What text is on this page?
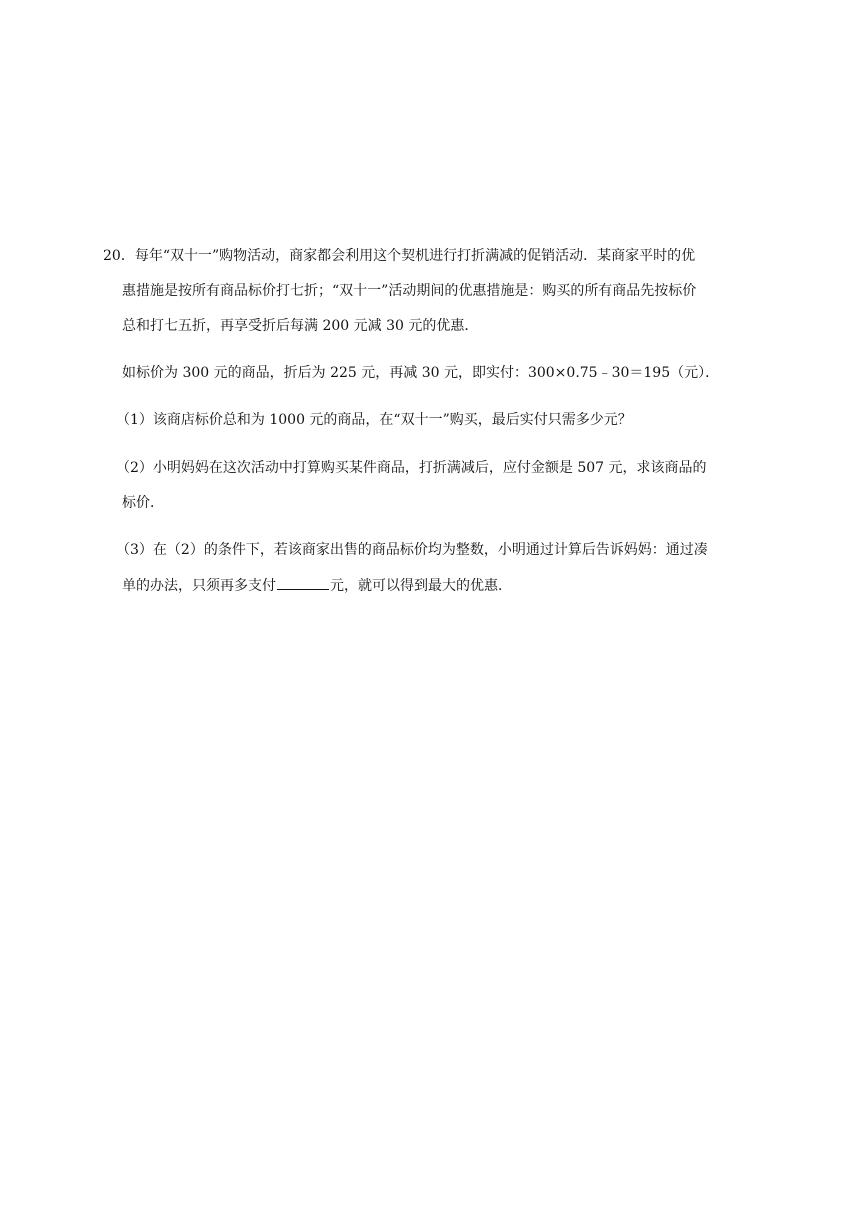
20．每年“双十一”购物活动，商家都会利用这个契机进行打折满减的促销活动．某商家平时的优
惠措施是按所有商品标价打七折；“双十一”活动期间的优惠措施是：购买的所有商品先按标价
总和打七五折，再享受折后每满 200 元减 30 元的优惠．
如标价为 300 元的商品，折后为 225 元，再减 30 元，即实付：300×0.75﹣30＝195（元）．
（1）该商店标价总和为 1000 元的商品，在“双十一”购买，最后实付只需多少元？
（2）小明妈妈在这次活动中打算购买某件商品，打折满减后，应付金额是 507 元，求该商品的
标价．
（3）在（2）的条件下，若该商家出售的商品标价均为整数，小明通过计算后告诉妈妈：通过凑
单的办法，只须再多支付	元，就可以得到最大的优惠．
